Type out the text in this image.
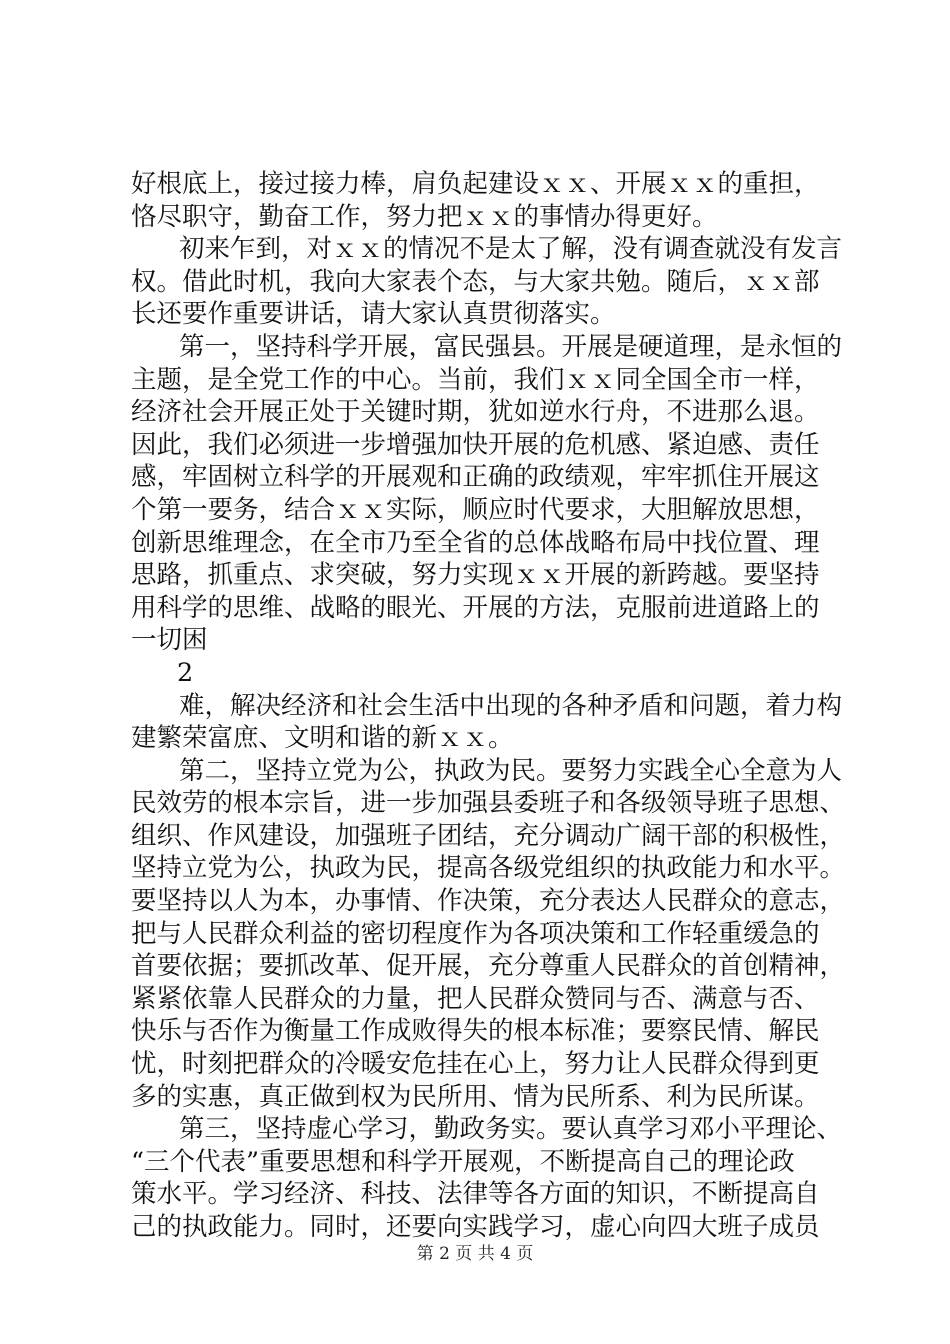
好根底上，接过接力棒，肩负起建设ｘｘ、开展ｘｘ的重担，
恪尽职守，勤奋工作，努力把ｘｘ的事情办得更好。
初来乍到，对ｘｘ的情况不是太了解，没有调查就没有发言
权。借此时机，我向大家表个态，与大家共勉。随后，ｘｘ部
长还要作重要讲话，请大家认真贯彻落实。
第一，坚持科学开展，富民强县。开展是硬道理，是永恒的
主题，是全党工作的中心。当前，我们ｘｘ同全国全市一样，
经济社会开展正处于关键时期，犹如逆水行舟，不进那么退。
因此，我们必须进一步增强加快开展的危机感、紧迫感、责任
感，牢固树立科学的开展观和正确的政绩观，牢牢抓住开展这
个第一要务，结合ｘｘ实际，顺应时代要求，大胆解放思想，
创新思维理念，在全市乃至全省的总体战略布局中找位置、理
思路，抓重点、求突破，努力实现ｘｘ开展的新跨越。要坚持
用科学的思维、战略的眼光、开展的方法，克服前进道路上的
一切困
2
难，解决经济和社会生活中出现的各种矛盾和问题，着力构
建繁荣富庶、文明和谐的新ｘｘ。
第二，坚持立党为公，执政为民。要努力实践全心全意为人
民效劳的根本宗旨，进一步加强县委班子和各级领导班子思想、
组织、作风建设，加强班子团结，充分调动广阔干部的积极性，
坚持立党为公，执政为民，提高各级党组织的执政能力和水平。
要坚持以人为本，办事情、作决策，充分表达人民群众的意志，
把与人民群众利益的密切程度作为各项决策和工作轻重缓急的
首要依据；要抓改革、促开展，充分尊重人民群众的首创精神，
紧紧依靠人民群众的力量，把人民群众赞同与否、满意与否、
快乐与否作为衡量工作成败得失的根本标准；要察民情、解民
忧，时刻把群众的冷暖安危挂在心上，努力让人民群众得到更
多的实惠，真正做到权为民所用、情为民所系、利为民所谋。
第三，坚持虚心学习，勤政务实。要认真学习邓小平理论、
“三个代表”重要思想和科学开展观，不断提高自己的理论政
策水平。学习经济、科技、法律等各方面的知识，不断提高自
己的执政能力。同时，还要向实践学习，虚心向四大班子成员
第 2 页 共 4 页
